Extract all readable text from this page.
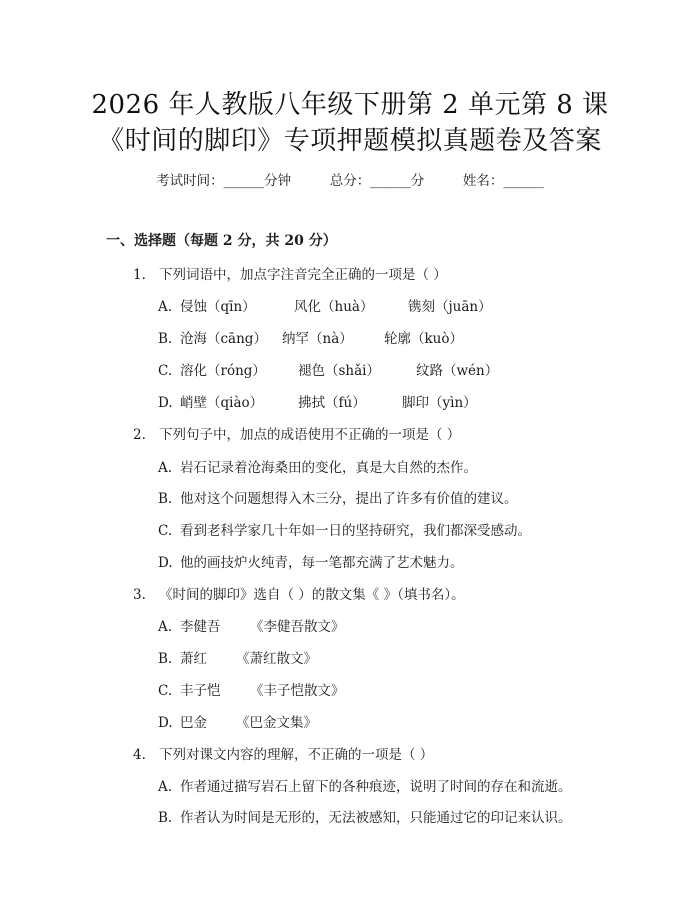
2026 年人教版八年级下册第 2 单元第 8 课
《时间的脚印》专项押题模拟真题卷及答案
考试时间：______分钟	总分：______分	姓名：______
一、选择题（每题 2 分，共 20 分）
1. 下列词语中，加点字注音完全正确的一项是（ ）
A. 侵蚀（qīn）	风化（huà）	镌刻（juān）
B. 沧海（cāng） 纳罕（nà） 轮廓（kuò）
C. 溶化（róng） 褪色（shǎi）	纹路（wén）
D. 峭壁（qiào）	拂拭（fú）	脚印（yìn）
2. 下列句子中，加点的成语使用不正确的一项是（ ）
A. 岩石记录着沧海桑田的变化，真是大自然的杰作。
B. 他对这个问题想得入木三分，提出了许多有价值的建议。
C. 看到老科学家几十年如一日的坚持研究，我们都深受感动。
D. 他的画技炉火纯青，每一笔都充满了艺术魅力。
3. 《时间的脚印》选自（ ）的散文集《 》（填书名）。
A. 李健吾 《李健吾散文》
B. 萧红 《萧红散文》
C. 丰子恺 《丰子恺散文》
D. 巴金 《巴金文集》
4. 下列对课文内容的理解，不正确的一项是（ ）
A. 作者通过描写岩石上留下的各种痕迹，说明了时间的存在和流逝。
B. 作者认为时间是无形的，无法被感知，只能通过它的印记来认识。
